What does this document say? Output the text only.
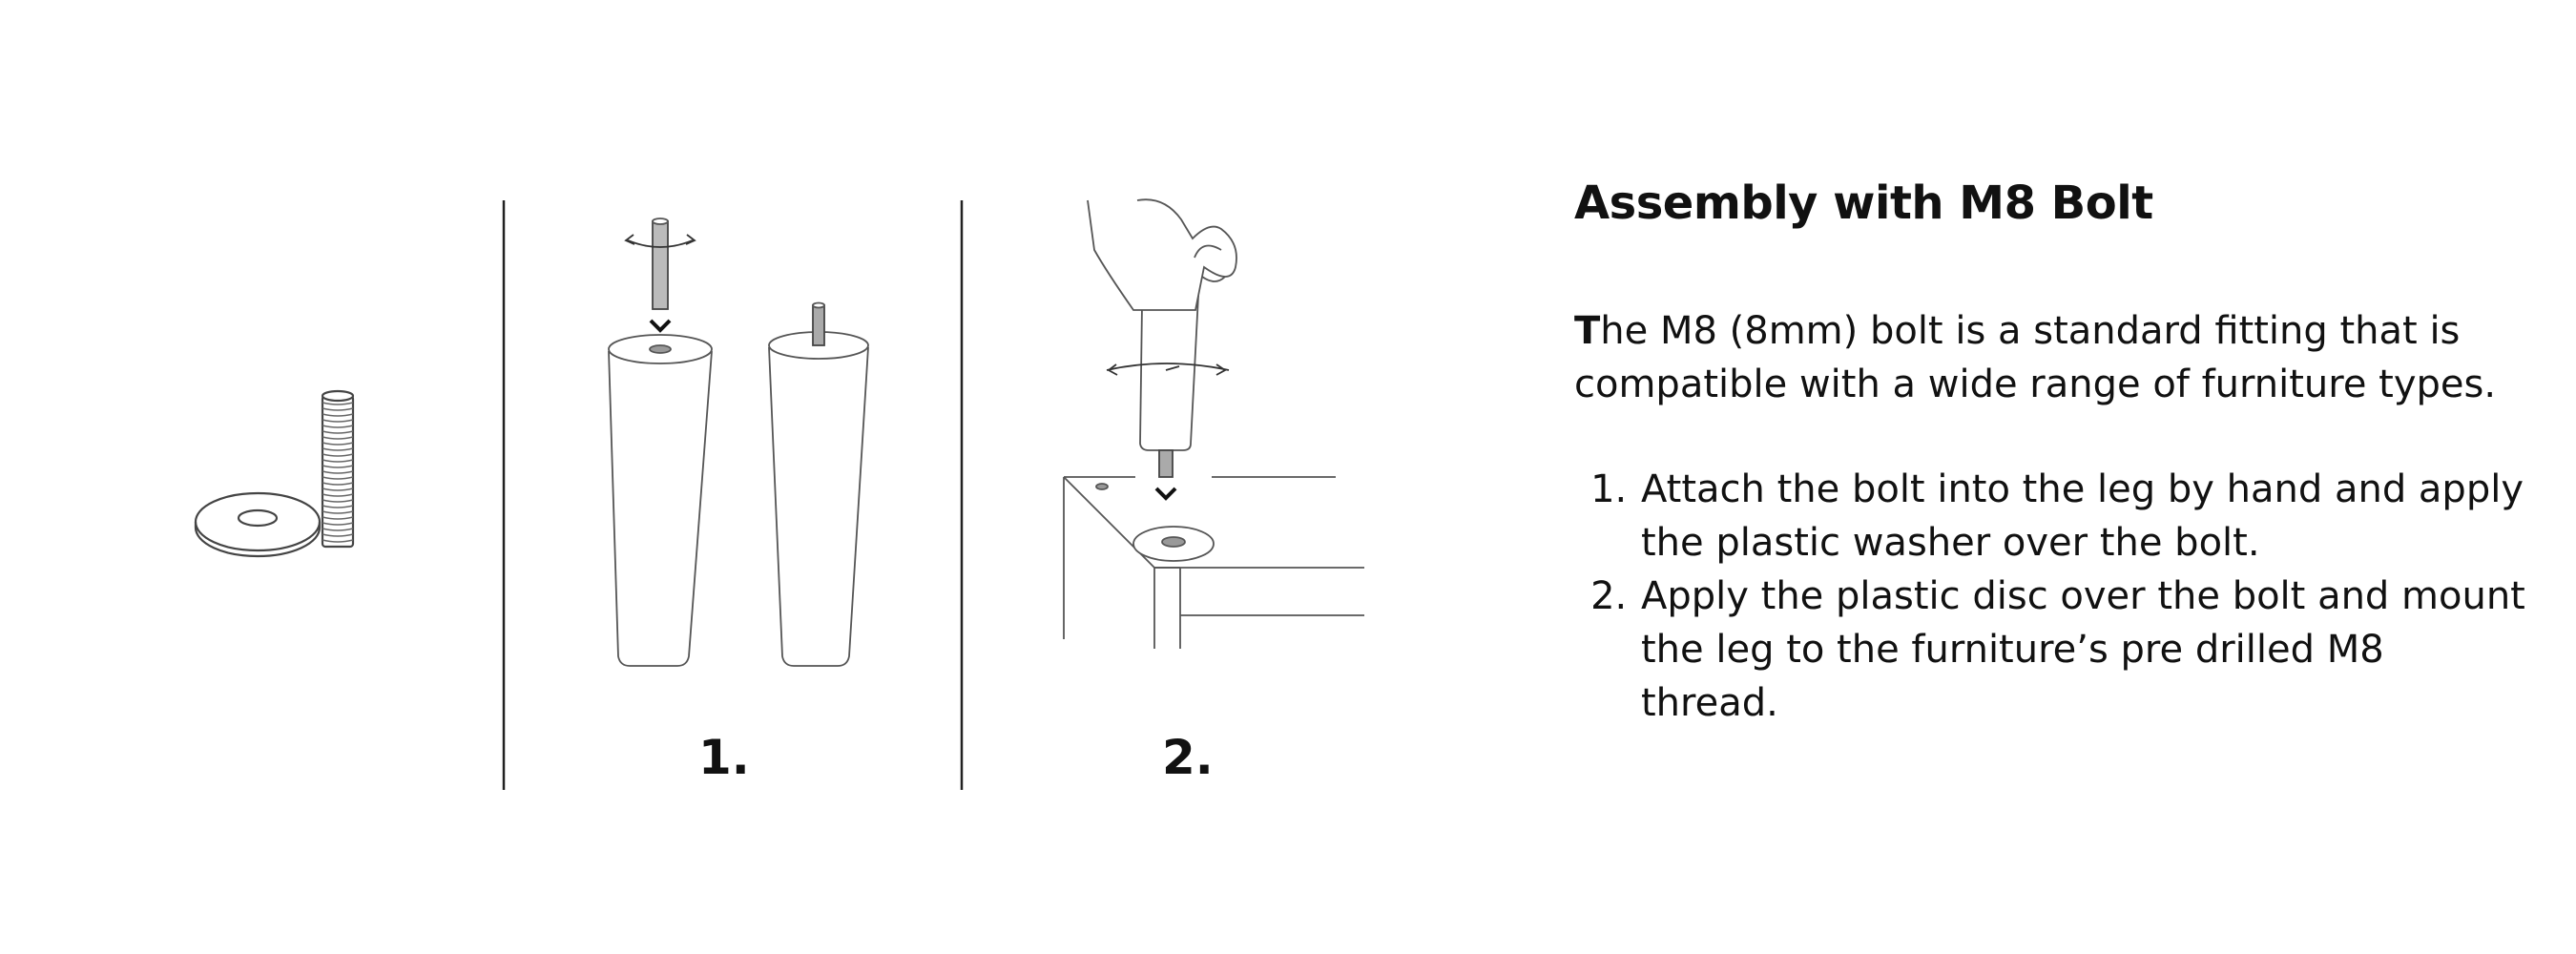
1.	2.
Assembly with M8 Bolt

The M8 (8mm) bolt is a standard fitting that is compatible with a wide range of furniture types.

1. Attach the bolt into the leg by hand and apply the plastic washer over the bolt.
2. Apply the plastic disc over the bolt and mount the leg to the furniture’s pre drilled M8 thread.
